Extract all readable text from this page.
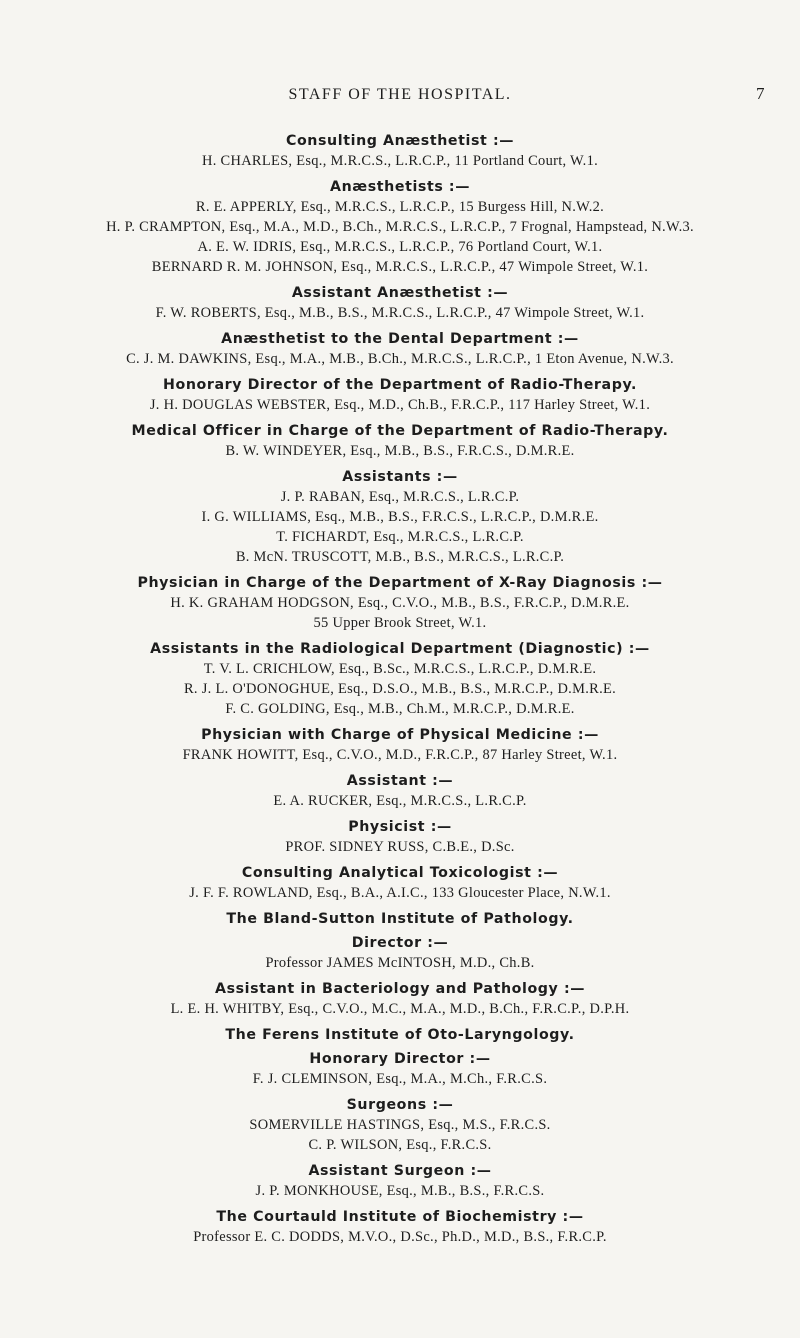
STAFF OF THE HOSPITAL.	7
Consulting Anæsthetist :—
H. CHARLES, Esq., M.R.C.S., L.R.C.P., 11 Portland Court, W.1.
Anæsthetists :—
R. E. APPERLY, Esq., M.R.C.S., L.R.C.P., 15 Burgess Hill, N.W.2.
H. P. CRAMPTON, Esq., M.A., M.D., B.Ch., M.R.C.S., L.R.C.P., 7 Frognal, Hampstead, N.W.3.
A. E. W. IDRIS, Esq., M.R.C.S., L.R.C.P., 76 Portland Court, W.1.
BERNARD R. M. JOHNSON, Esq., M.R.C.S., L.R.C.P., 47 Wimpole Street, W.1.
Assistant Anæsthetist :—
F. W. ROBERTS, Esq., M.B., B.S., M.R.C.S., L.R.C.P., 47 Wimpole Street, W.1.
Anæsthetist to the Dental Department :—
C. J. M. DAWKINS, Esq., M.A., M.B., B.Ch., M.R.C.S., L.R.C.P., 1 Eton Avenue, N.W.3.
Honorary Director of the Department of Radio-Therapy.
J. H. DOUGLAS WEBSTER, Esq., M.D., Ch.B., F.R.C.P., 117 Harley Street, W.1.
Medical Officer in Charge of the Department of Radio-Therapy.
B. W. WINDEYER, Esq., M.B., B.S., F.R.C.S., D.M.R.E.
Assistants :—
J. P. RABAN, Esq., M.R.C.S., L.R.C.P.
I. G. WILLIAMS, Esq., M.B., B.S., F.R.C.S., L.R.C.P., D.M.R.E.
T. FICHARDT, Esq., M.R.C.S., L.R.C.P.
B. McN. TRUSCOTT, M.B., B.S., M.R.C.S., L.R.C.P.
Physician in Charge of the Department of X-Ray Diagnosis :—
H. K. GRAHAM HODGSON, Esq., C.V.O., M.B., B.S., F.R.C.P., D.M.R.E.
55 Upper Brook Street, W.1.
Assistants in the Radiological Department (Diagnostic) :—
T. V. L. CRICHLOW, Esq., B.Sc., M.R.C.S., L.R.C.P., D.M.R.E.
R. J. L. O'DONOGHUE, Esq., D.S.O., M.B., B.S., M.R.C.P., D.M.R.E.
F. C. GOLDING, Esq., M.B., Ch.M., M.R.C.P., D.M.R.E.
Physician with Charge of Physical Medicine :—
FRANK HOWITT, Esq., C.V.O., M.D., F.R.C.P., 87 Harley Street, W.1.
Assistant :—
E. A. RUCKER, Esq., M.R.C.S., L.R.C.P.
Physicist :—
PROF. SIDNEY RUSS, C.B.E., D.Sc.
Consulting Analytical Toxicologist :—
J. F. F. ROWLAND, Esq., B.A., A.I.C., 133 Gloucester Place, N.W.1.
The Bland-Sutton Institute of Pathology.
Director :—
Professor JAMES McINTOSH, M.D., Ch.B.
Assistant in Bacteriology and Pathology :—
L. E. H. WHITBY, Esq., C.V.O., M.C., M.A., M.D., B.Ch., F.R.C.P., D.P.H.
The Ferens Institute of Oto-Laryngology.
Honorary Director :—
F. J. CLEMINSON, Esq., M.A., M.Ch., F.R.C.S.
Surgeons :—
SOMERVILLE HASTINGS, Esq., M.S., F.R.C.S.
C. P. WILSON, Esq., F.R.C.S.
Assistant Surgeon :—
J. P. MONKHOUSE, Esq., M.B., B.S., F.R.C.S.
The Courtauld Institute of Biochemistry :—
Professor E. C. DODDS, M.V.O., D.Sc., Ph.D., M.D., B.S., F.R.C.P.
